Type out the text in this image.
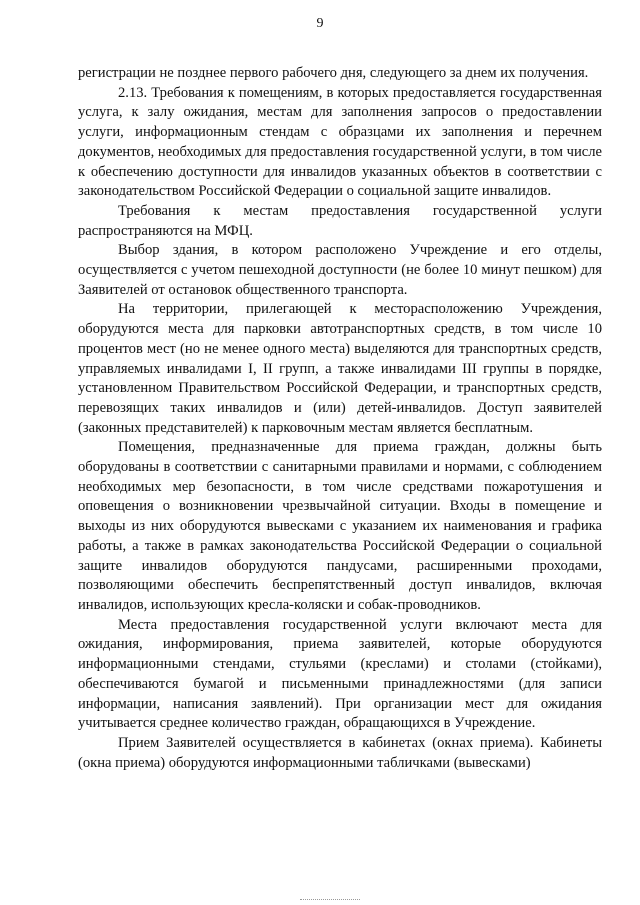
9

регистрации не позднее первого рабочего дня, следующего за днем их получения.

2.13. Требования к помещениям, в которых предоставляется государственная услуга, к залу ожидания, местам для заполнения запросов о предоставлении услуги, информационным стендам с образцами их заполнения и перечнем документов, необходимых для предоставления государственной услуги, в том числе к обеспечению доступности для инвалидов указанных объектов в соответствии с законодательством Российской Федерации о социальной защите инвалидов.

Требования к местам предоставления государственной услуги распространяются на МФЦ.

Выбор здания, в котором расположено Учреждение и его отделы, осуществляется с учетом пешеходной доступности (не более 10 минут пешком) для Заявителей от остановок общественного транспорта.

На территории, прилегающей к месторасположению Учреждения, оборудуются места для парковки автотранспортных средств, в том числе 10 процентов мест (но не менее одного места) выделяются для транспортных средств, управляемых инвалидами I, II групп, а также инвалидами III группы в порядке, установленном Правительством Российской Федерации, и транспортных средств, перевозящих таких инвалидов и (или) детей-инвалидов. Доступ заявителей (законных представителей) к парковочным местам является бесплатным.

Помещения, предназначенные для приема граждан, должны быть оборудованы в соответствии с санитарными правилами и нормами, с соблюдением необходимых мер безопасности, в том числе средствами пожаротушения и оповещения о возникновении чрезвычайной ситуации. Входы в помещение и выходы из них оборудуются вывесками с указанием их наименования и графика работы, а также в рамках законодательства Российской Федерации о социальной защите инвалидов оборудуются пандусами, расширенными проходами, позволяющими обеспечить беспрепятственный доступ инвалидов, включая инвалидов, использующих кресла-коляски и собак-проводников.

Места предоставления государственной услуги включают места для ожидания, информирования, приема заявителей, которые оборудуются информационными стендами, стульями (креслами) и столами (стойками), обеспечиваются бумагой и письменными принадлежностями (для записи информации, написания заявлений). При организации мест для ожидания учитывается среднее количество граждан, обращающихся в Учреждение.

Прием Заявителей осуществляется в кабинетах (окнах приема). Кабинеты (окна приема) оборудуются информационными табличками (вывесками)
